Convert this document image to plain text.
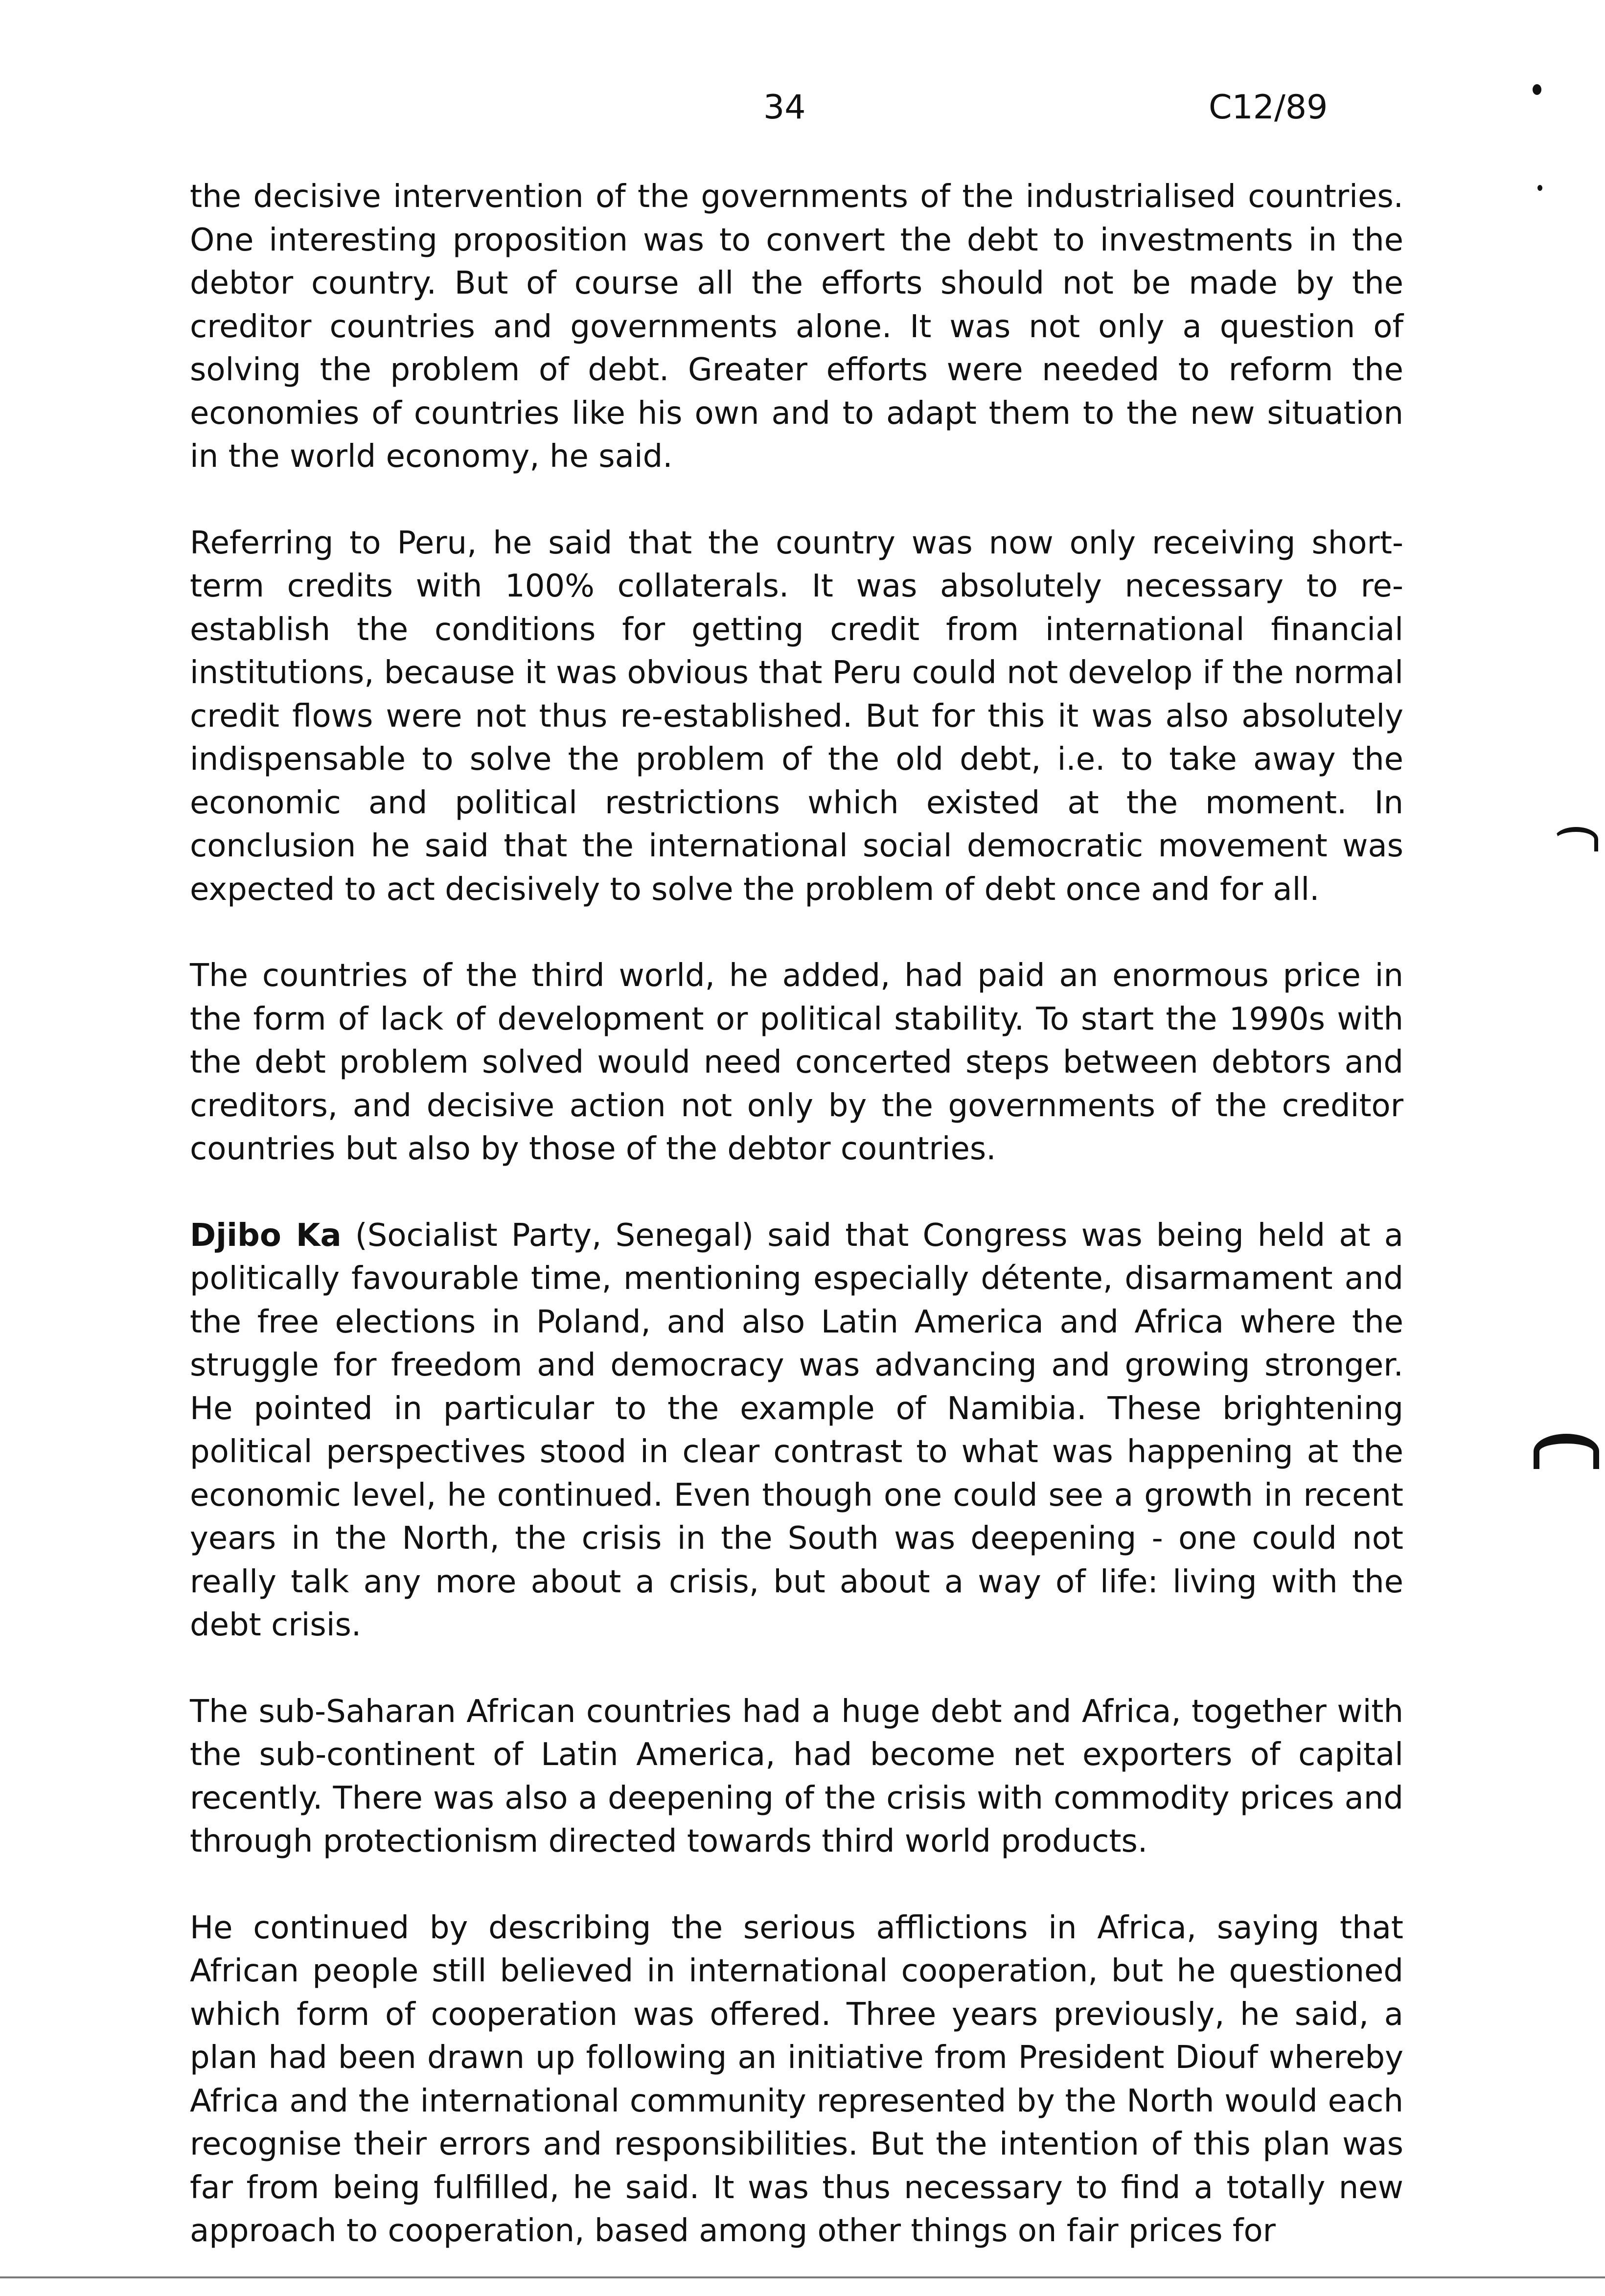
34	C12/89

the decisive intervention of the governments of the industrialised countries. One interesting proposition was to convert the debt to investments in the debtor country. But of course all the efforts should not be made by the creditor countries and governments alone. It was not only a question of solving the problem of debt. Greater efforts were needed to reform the economies of countries like his own and to adapt them to the new situation in the world economy, he said.

Referring to Peru, he said that the country was now only receiving short-term credits with 100% collaterals. It was absolutely necessary to re-establish the conditions for getting credit from international financial institutions, because it was obvious that Peru could not develop if the normal credit flows were not thus re-established. But for this it was also absolutely indispensable to solve the problem of the old debt, i.e. to take away the economic and political restrictions which existed at the moment. In conclusion he said that the international social democratic movement was expected to act decisively to solve the problem of debt once and for all.

The countries of the third world, he added, had paid an enormous price in the form of lack of development or political stability. To start the 1990s with the debt problem solved would need concerted steps between debtors and creditors, and decisive action not only by the governments of the creditor countries but also by those of the debtor countries.

Djibo Ka (Socialist Party, Senegal) said that Congress was being held at a politically favourable time, mentioning especially détente, disarmament and the free elections in Poland, and also Latin America and Africa where the struggle for freedom and democracy was advancing and growing stronger. He pointed in particular to the example of Namibia. These brightening political perspectives stood in clear contrast to what was happening at the economic level, he continued. Even though one could see a growth in recent years in the North, the crisis in the South was deepening - one could not really talk any more about a crisis, but about a way of life: living with the debt crisis.

The sub-Saharan African countries had a huge debt and Africa, together with the sub-continent of Latin America, had become net exporters of capital recently. There was also a deepening of the crisis with commodity prices and through protectionism directed towards third world products.

He continued by describing the serious afflictions in Africa, saying that African people still believed in international cooperation, but he questioned which form of cooperation was offered. Three years previously, he said, a plan had been drawn up following an initiative from President Diouf whereby Africa and the international community represented by the North would each recognise their errors and responsibilities. But the intention of this plan was far from being fulfilled, he said. It was thus necessary to find a totally new approach to cooperation, based among other things on fair prices for
